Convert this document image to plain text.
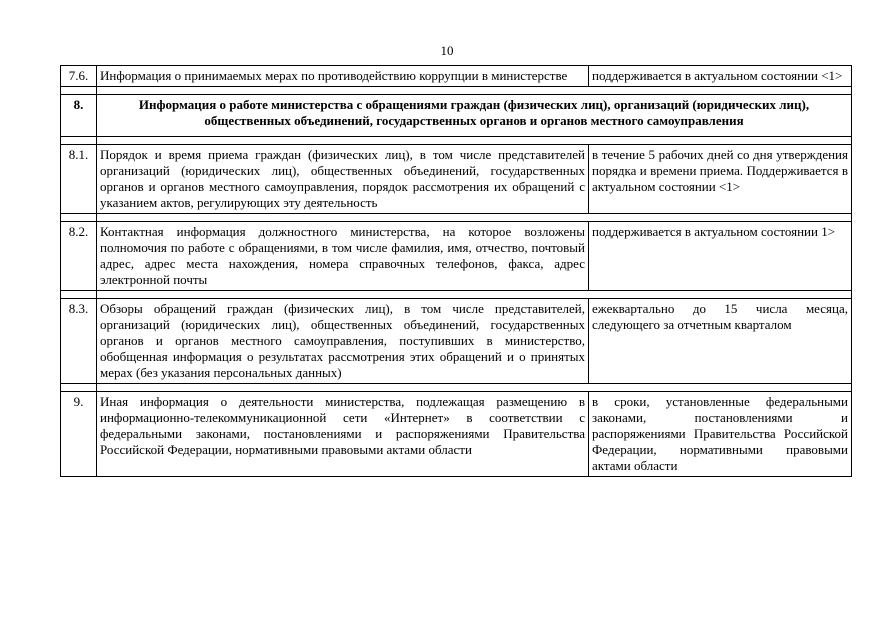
10
7.6.	Информация о принимаемых мерах по противодействию коррупции в министерстве	поддерживается в актуальном состоянии <1>

8.	Информация о работе министерства с обращениями граждан (физических лиц), организаций (юридических лиц), общественных объединений, государственных органов и органов местного самоуправления	

8.1.	Порядок и время приема граждан (физических лиц), в том числе представителей организаций (юридических лиц), общественных объединений, государственных органов и органов местного самоуправления, порядок рассмотрения их обращений с указанием актов, регулирующих эту деятельность	в течение 5 рабочих дней со дня утверждения порядка и времени приема. Поддерживается в актуальном состоянии <1>

8.2.	Контактная информация должностного министерства, на которое возложены полномочия по работе с обращениями, в том числе фамилия, имя, отчество, почтовый адрес, адрес места нахождения, номера справочных телефонов, факса, адрес электронной почты	поддерживается в актуальном состоянии 1>

8.3.	Обзоры обращений граждан (физических лиц), в том числе представителей, организаций (юридических лиц), общественных объединений, государственных органов и органов местного самоуправления, поступивших в министерство, обобщенная информация о результатах рассмотрения этих обращений и о принятых мерах (без указания персональных данных)	ежеквартально до 15 числа месяца, следующего за отчетным кварталом

9.	Иная информация о деятельности министерства, подлежащая размещению в информационно-телекоммуникационной сети «Интернет» в соответствии с федеральными законами, постановлениями и распоряжениями Правительства Российской Федерации, нормативными правовыми актами области	в сроки, установленные федеральными законами, постановлениями и распоряжениями Правительства Российской Федерации, нормативными правовыми актами области
